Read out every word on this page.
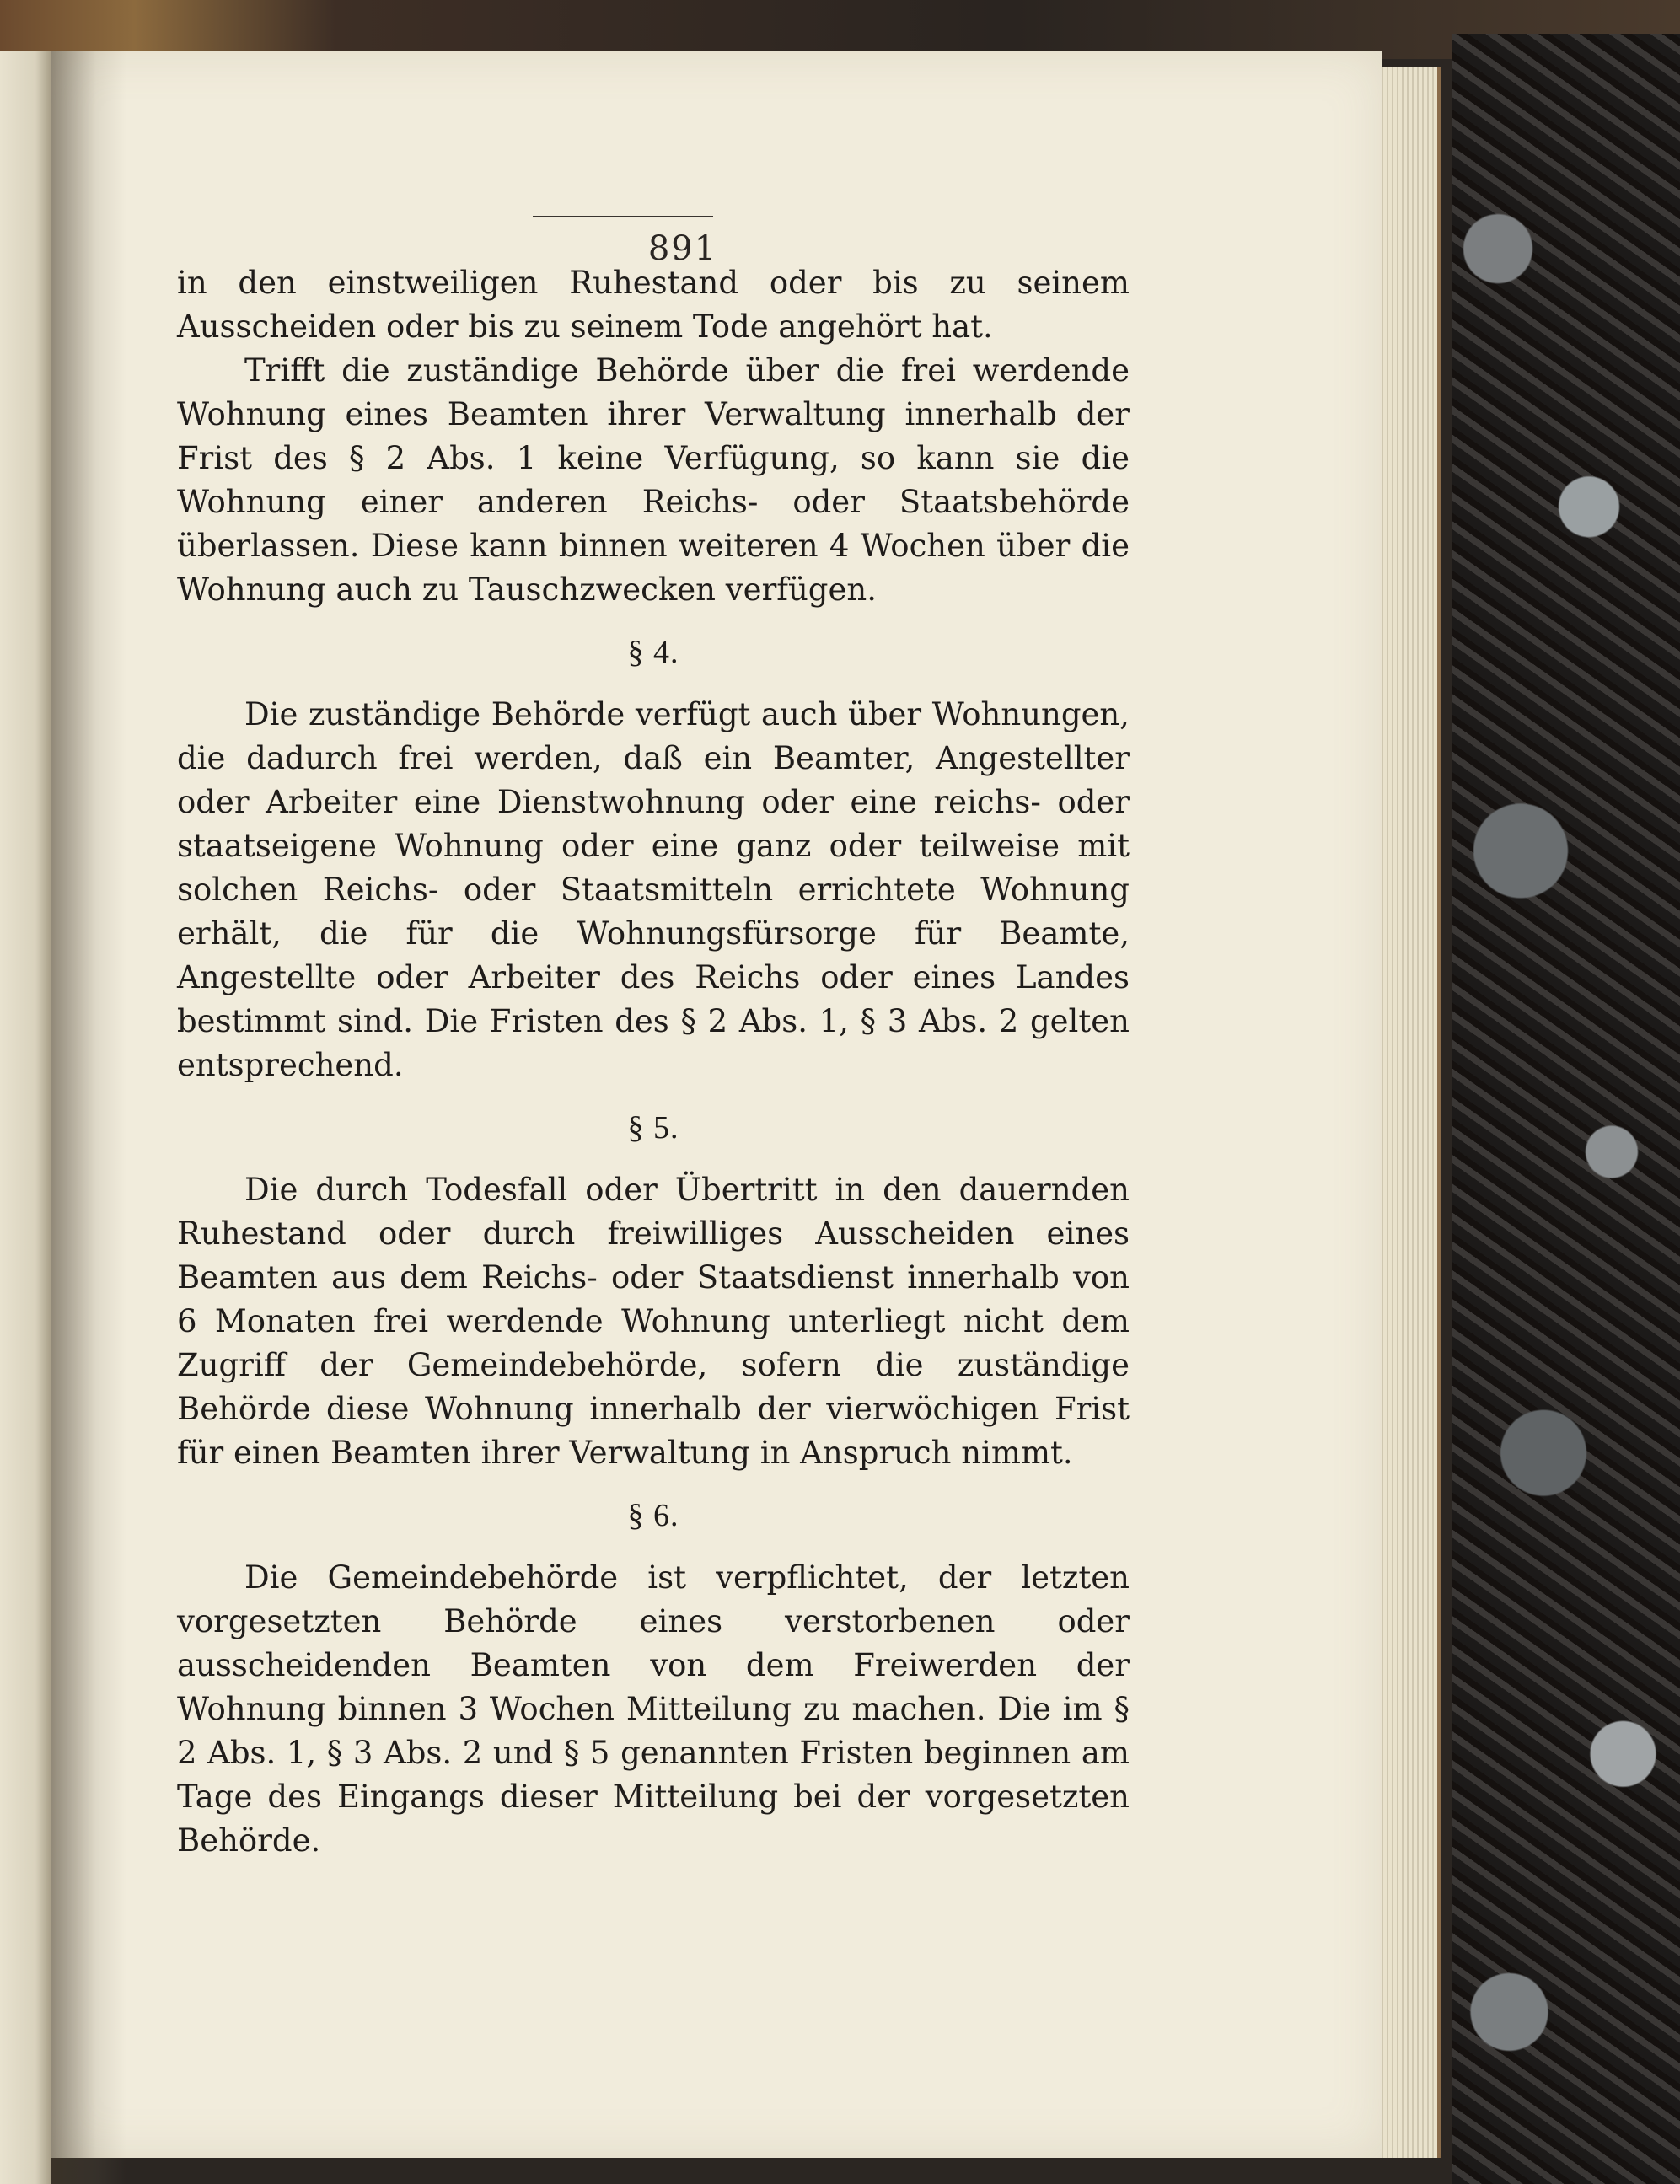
891

in den einstweiligen Ruhestand oder bis zu seinem Ausscheiden oder bis zu seinem Tode angehört hat.

Trifft die zuständige Behörde über die frei werdende Wohnung eines Beamten ihrer Verwaltung innerhalb der Frist des § 2 Abs. 1 keine Verfügung, so kann sie die Wohnung einer anderen Reichs- oder Staatsbehörde überlassen. Diese kann binnen weiteren 4 Wochen über die Wohnung auch zu Tauschzwecken verfügen.

§ 4.

Die zuständige Behörde verfügt auch über Wohnungen, die dadurch frei werden, daß ein Beamter, Angestellter oder Arbeiter eine Dienstwohnung oder eine reichs- oder staatseigene Wohnung oder eine ganz oder teilweise mit solchen Reichs- oder Staatsmitteln errichtete Wohnung erhält, die für die Wohnungsfürsorge für Beamte, Angestellte oder Arbeiter des Reichs oder eines Landes bestimmt sind. Die Fristen des § 2 Abs. 1, § 3 Abs. 2 gelten entsprechend.

§ 5.

Die durch Todesfall oder Übertritt in den dauernden Ruhestand oder durch freiwilliges Ausscheiden eines Beamten aus dem Reichs- oder Staatsdienst innerhalb von 6 Monaten frei werdende Wohnung unterliegt nicht dem Zugriff der Gemeindebehörde, sofern die zuständige Behörde diese Wohnung innerhalb der vierwöchigen Frist für einen Beamten ihrer Verwaltung in Anspruch nimmt.

§ 6.

Die Gemeindebehörde ist verpflichtet, der letzten vorgesetzten Behörde eines verstorbenen oder ausscheidenden Beamten von dem Freiwerden der Wohnung binnen 3 Wochen Mitteilung zu machen. Die im § 2 Abs. 1, § 3 Abs. 2 und § 5 genannten Fristen beginnen am Tage des Eingangs dieser Mitteilung bei der vorgesetzten Behörde.
